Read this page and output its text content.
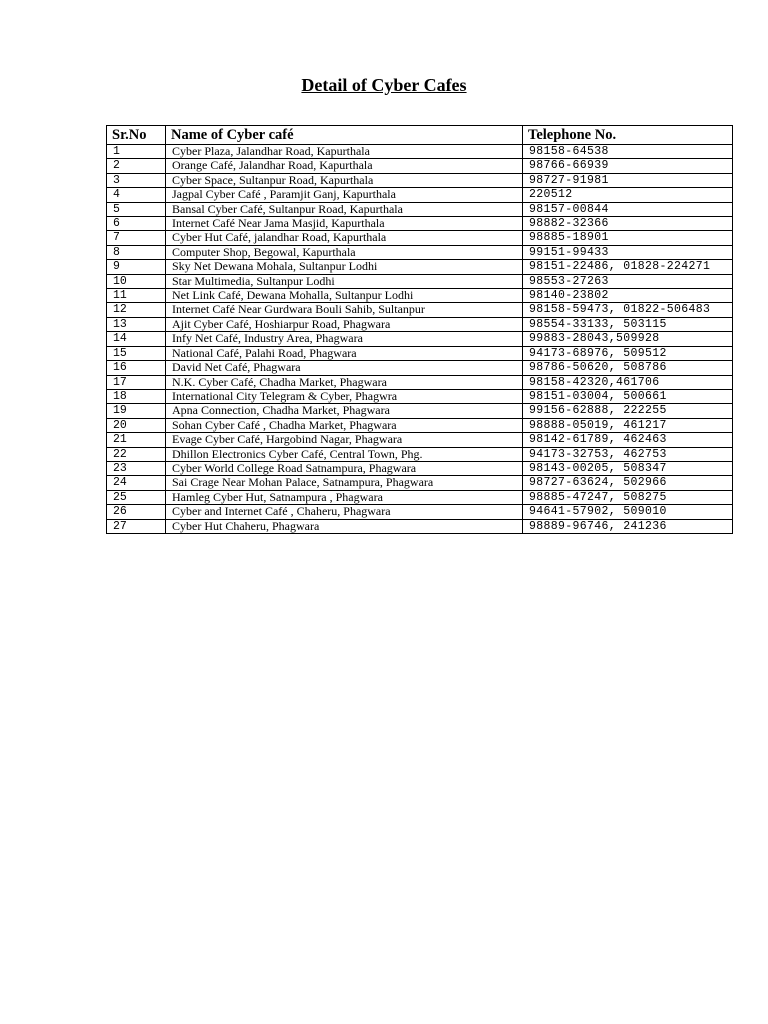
Detail of Cyber Cafes
Sr.No	Name of Cyber café	Telephone No.
1	Cyber Plaza, Jalandhar Road, Kapurthala	98158-64538
2	Orange Café, Jalandhar Road, Kapurthala	98766-66939
3	Cyber Space, Sultanpur Road, Kapurthala	98727-91981
4	Jagpal Cyber Café , Paramjit Ganj, Kapurthala	220512
5	Bansal Cyber Café, Sultanpur Road, Kapurthala	98157-00844
6	Internet Café Near Jama Masjid, Kapurthala	98882-32366
7	Cyber Hut Café, jalandhar Road, Kapurthala	98885-18901
8	Computer Shop, Begowal, Kapurthala	99151-99433
9	Sky Net Dewana Mohala, Sultanpur Lodhi	98151-22486, 01828-224271
10	Star Multimedia, Sultanpur Lodhi	98553-27263
11	Net Link Café, Dewana Mohalla, Sultanpur Lodhi	98140-23802
12	Internet Café Near Gurdwara Bouli Sahib, Sultanpur	98158-59473, 01822-506483
13	Ajit Cyber Café, Hoshiarpur Road, Phagwara	98554-33133, 503115
14	Infy Net Café, Industry Area, Phagwara	99883-28043,509928
15	National Café, Palahi Road, Phagwara	94173-68976, 509512
16	David Net Café, Phagwara	98786-50620, 508786
17	N.K. Cyber Café, Chadha Market, Phagwara	98158-42320,461706
18	International City Telegram & Cyber, Phagwra	98151-03004, 500661
19	Apna Connection, Chadha Market, Phagwara	99156-62888, 222255
20	Sohan Cyber Café , Chadha Market, Phagwara	98888-05019, 461217
21	Evage Cyber Café, Hargobind Nagar, Phagwara	98142-61789, 462463
22	Dhillon Electronics Cyber Café, Central Town, Phg.	94173-32753, 462753
23	Cyber World College Road Satnampura, Phagwara	98143-00205, 508347
24	Sai Crage Near Mohan Palace, Satnampura, Phagwara	98727-63624, 502966
25	Hamleg Cyber Hut, Satnampura , Phagwara	98885-47247, 508275
26	Cyber and Internet Café , Chaheru, Phagwara	94641-57902, 509010
27	Cyber Hut Chaheru, Phagwara	98889-96746, 241236
